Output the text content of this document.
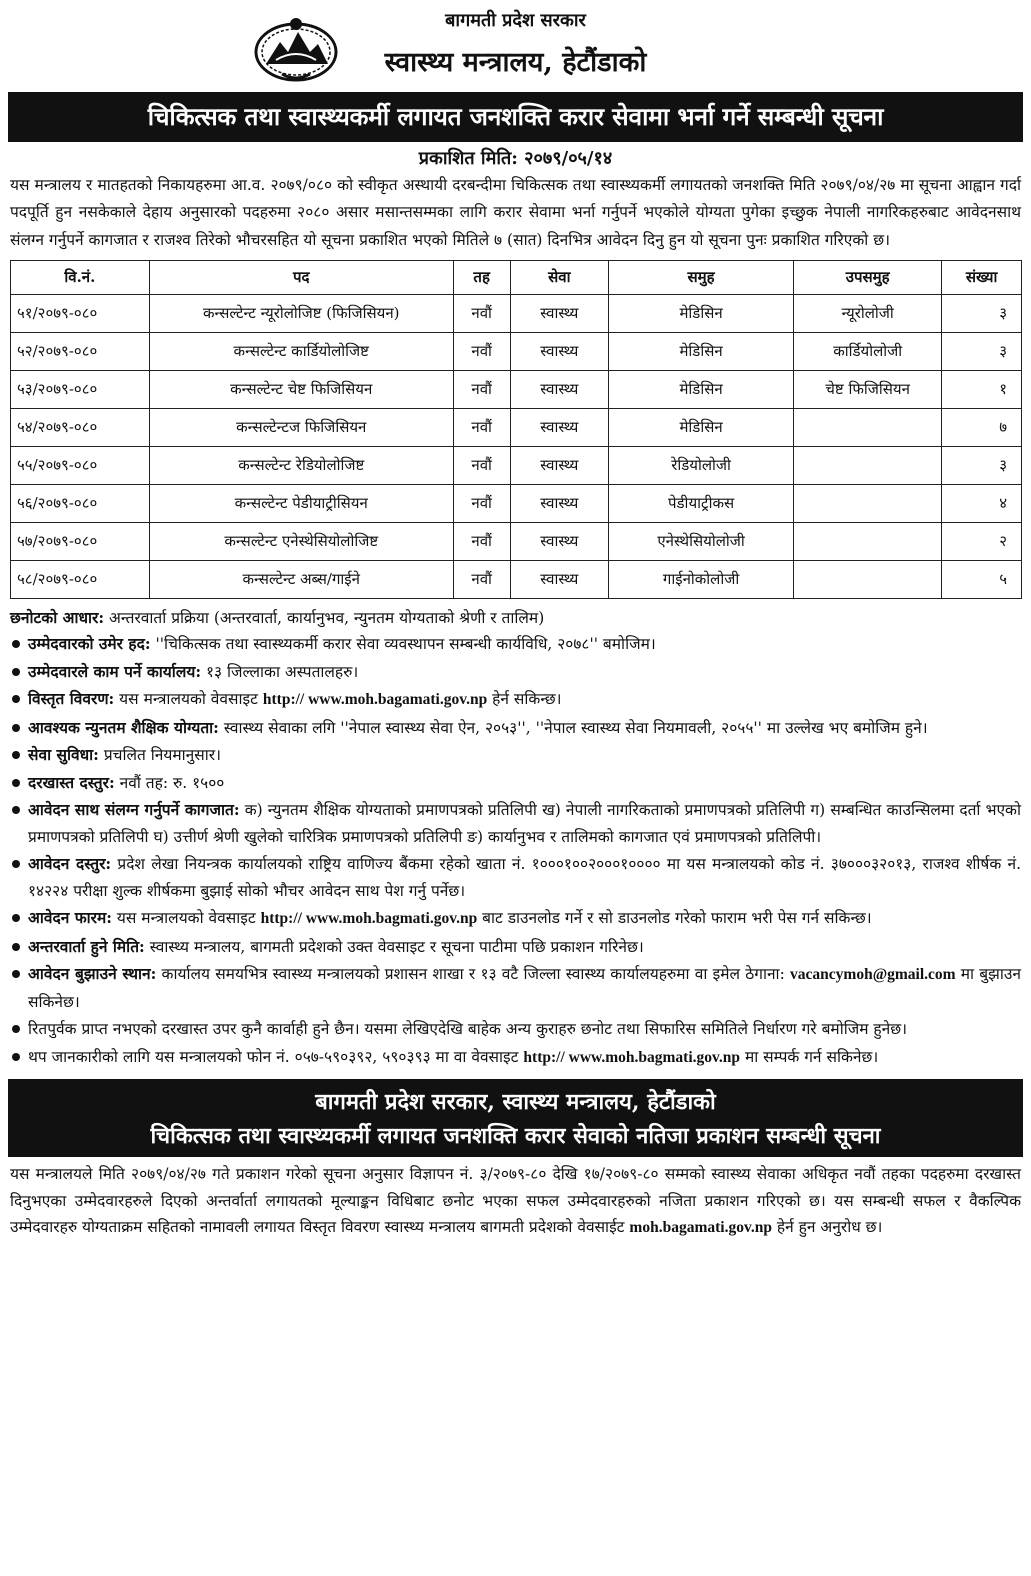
बागमती प्रदेश सरकार
स्वास्थ्य मन्त्रालय, हेटौंडाको
चिकित्सक तथा स्वास्थ्यकर्मी लगायत जनशक्ति करार सेवामा भर्ना गर्ने सम्बन्धी सूचना
प्रकाशित मिति: २०७९/०५/१४

यस मन्त्रालय र मातहतको निकायहरुमा आ.व. २०७९/०८० को स्वीकृत अस्थायी दरबन्दीमा चिकित्सक तथा स्वास्थ्यकर्मी लगायतको जनशक्ति मिति २०७९/०४/२७ मा सूचना आह्वान गर्दा पदपूर्ति हुन नसकेकाले देहाय अनुसारको पदहरुमा २०८० असार मसान्तसम्मका लागि करार सेवामा भर्ना गर्नुपर्ने भएकोले योग्यता पुगेका इच्छुक नेपाली नागरिकहरुबाट आवेदनसाथ संलग्न गर्नुपर्ने कागजात र राजश्व तिरेको भौचरसहित यो सूचना प्रकाशित भएको मितिले ७ (सात) दिनभित्र आवेदन दिनु हुन यो सूचना पुनः प्रकाशित गरिएको छ।

वि.नं.	पद	तह	सेवा	समुह	उपसमुह	संख्या
५१/२०७९-०८०	कन्सल्टेन्ट न्यूरोलोजिष्ट (फिजिसियन)	नवौं	स्वास्थ्य	मेडिसिन	न्यूरोलोजी	३
५२/२०७९-०८०	कन्सल्टेन्ट कार्डियोलोजिष्ट	नवौं	स्वास्थ्य	मेडिसिन	कार्डियोलोजी	३
५३/२०७९-०८०	कन्सल्टेन्ट चेष्ट फिजिसियन	नवौं	स्वास्थ्य	मेडिसिन	चेष्ट फिजिसियन	१
५४/२०७९-०८०	कन्सल्टेन्टज फिजिसियन	नवौं	स्वास्थ्य	मेडिसिन		७
५५/२०७९-०८०	कन्सल्टेन्ट रेडियोलोजिष्ट	नवौं	स्वास्थ्य	रेडियोलोजी		३
५६/२०७९-०८०	कन्सल्टेन्ट पेडीयाट्रीसियन	नवौं	स्वास्थ्य	पेडीयाट्रीकस		४
५७/२०७९-०८०	कन्सल्टेन्ट एनेस्थेसियोलोजिष्ट	नवौं	स्वास्थ्य	एनेस्थेसियोलोजी		२
५८/२०७९-०८०	कन्सल्टेन्ट अब्स/गाईने	नवौं	स्वास्थ्य	गाईनोकोलोजी		५
छनोटको आधार: अन्तरवार्ता प्रक्रिया (अन्तरवार्ता, कार्यानुभव, न्युनतम योग्यताको श्रेणी र तालिम)
उम्मेदवारको उमेर हद: ''चिकित्सक तथा स्वास्थ्यकर्मी करार सेवा व्यवस्थापन सम्बन्धी कार्यविधि, २०७८'' बमोजिम।
उम्मेदवारले काम पर्ने कार्यालय: १३ जिल्लाका अस्पतालहरु।
विस्तृत विवरण: यस मन्त्रालयको वेवसाइट http:// www.moh.bagamati.gov.np हेर्न सकिन्छ।
आवश्यक न्युनतम शैक्षिक योग्यता: स्वास्थ्य सेवाका लगि ''नेपाल स्वास्थ्य सेवा ऐन, २०५३'', ''नेपाल स्वास्थ्य सेवा नियमावली, २०५५'' मा उल्लेख भए बमोजिम हुने।
सेवा सुविधा: प्रचलित नियमानुसार।
दरखास्त दस्तुर: नवौं तह: रु. १५००
आवेदन साथ संलग्न गर्नुपर्ने कागजात: क) न्युनतम शैक्षिक योग्यताको प्रमाणपत्रको प्रतिलिपी ख) नेपाली नागरिकताको प्रमाणपत्रको प्रतिलिपी ग) सम्बन्धित काउन्सिलमा दर्ता भएको प्रमाणपत्रको प्रतिलिपी घ) उत्तीर्ण श्रेणी खुलेको चारित्रिक प्रमाणपत्रको प्रतिलिपी ङ) कार्यानुभव र तालिमको कागजात एवं प्रमाणपत्रको प्रतिलिपी।
आवेदन दस्तुर: प्रदेश लेखा नियन्त्रक कार्यालयको राष्ट्रिय वाणिज्य बैंकमा रहेको खाता नं. १०००१००२०००१०००० मा यस मन्त्रालयको कोड नं. ३७०००३२०१३, राजश्व शीर्षक नं. १४२२४ परीक्षा शुल्क शीर्षकमा बुझाई सोको भौचर आवेदन साथ पेश गर्नु पर्नेछ।
आवेदन फारम: यस मन्त्रालयको वेवसाइट http:// www.moh.bagmati.gov.np बाट डाउनलोड गर्ने र सो डाउनलोड गरेको फाराम भरी पेस गर्न सकिन्छ।
अन्तरवार्ता हुने मिति: स्वास्थ्य मन्त्रालय, बागमती प्रदेशको उक्त वेवसाइट र सूचना पाटीमा पछि प्रकाशन गरिनेछ।
आवेदन बुझाउने स्थान: कार्यालय समयभित्र स्वास्थ्य मन्त्रालयको प्रशासन शाखा र १३ वटै जिल्ला स्वास्थ्य कार्यालयहरुमा वा इमेल ठेगाना: vacancymoh@gmail.com मा बुझाउन सकिनेछ।
रितपुर्वक प्राप्त नभएको दरखास्त उपर कुनै कार्वाही हुने छैन। यसमा लेखिएदेखि बाहेक अन्य कुराहरु छनोट तथा सिफारिस समितिले निर्धारण गरे बमोजिम हुनेछ।
थप जानकारीको लागि यस मन्त्रालयको फोन नं. ०५७-५९०३९२, ५९०३९३ मा वा वेवसाइट http:// www.moh.bagmati.gov.np मा सम्पर्क गर्न सकिनेछ।
बागमती प्रदेश सरकार, स्वास्थ्य मन्त्रालय, हेटौंडाको
चिकित्सक तथा स्वास्थ्यकर्मी लगायत जनशक्ति करार सेवाको नतिजा प्रकाशन सम्बन्धी सूचना

यस मन्त्रालयले मिति २०७९/०४/२७ गते प्रकाशन गरेको सूचना अनुसार विज्ञापन नं. ३/२०७९-८० देखि १७/२०७९-८० सम्मको स्वास्थ्य सेवाका अधिकृत नवौं तहका पदहरुमा दरखास्त दिनुभएका उम्मेदवारहरुले दिएको अन्तर्वार्ता लगायतको मूल्याङ्कन विधिबाट छनोट भएका सफल उम्मेदवारहरुको नजिता प्रकाशन गरिएको छ। यस सम्बन्धी सफल र वैकल्पिक उम्मेदवारहरु योग्यताक्रम सहितको नामावली लगायत विस्तृत विवरण स्वास्थ्य मन्त्रालय बागमती प्रदेशको वेवसाईट moh.bagamati.gov.np हेर्न हुन अनुरोध छ।
